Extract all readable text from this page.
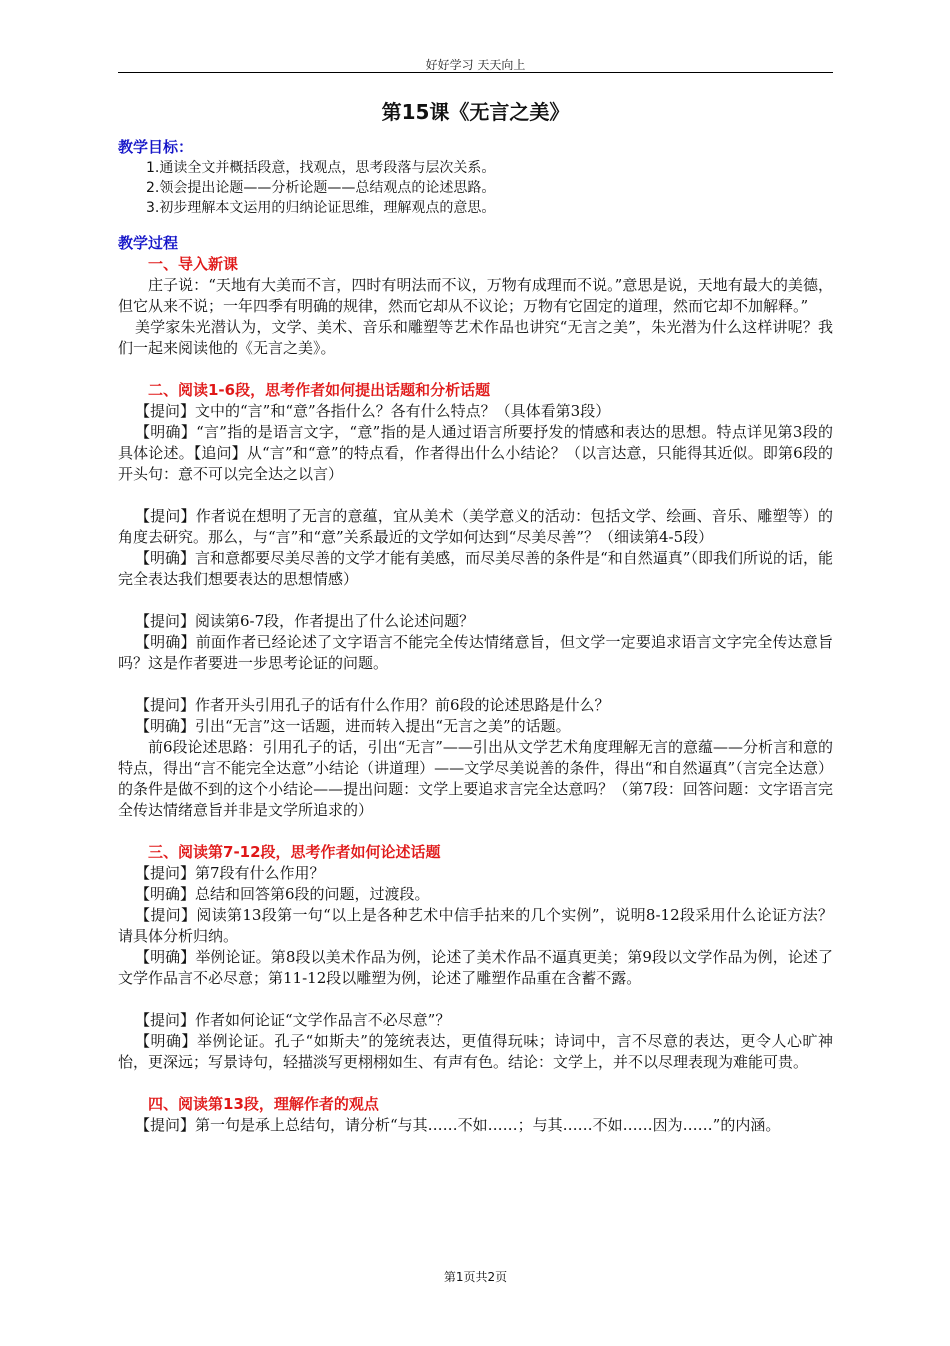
好好学习 天天向上
第15课《无言之美》
教学目标：
1.通读全文并概括段意，找观点，思考段落与层次关系。
2.领会提出论题——分析论题——总结观点的论述思路。
3.初步理解本文运用的归纳论证思维，理解观点的意思。
教学过程
一、导入新课
庄子说：“天地有大美而不言，四时有明法而不议，万物有成理而不说。”意思是说，天地有最大的美德，但它从来不说；一年四季有明确的规律，然而它却从不议论；万物有它固定的道理，然而它却不加解释。”
美学家朱光潜认为，文学、美术、音乐和雕塑等艺术作品也讲究“无言之美”，朱光潜为什么这样讲呢？我们一起来阅读他的《无言之美》。
二、阅读1-6段，思考作者如何提出话题和分析话题
【提问】文中的“言”和“意”各指什么？各有什么特点？（具体看第3段）
【明确】“言”指的是语言文字，“意”指的是人通过语言所要抒发的情感和表达的思想。特点详见第3段的具体论述。【追问】从“言”和“意”的特点看，作者得出什么小结论？（以言达意，只能得其近似。即第6段的开头句：意不可以完全达之以言）
【提问】作者说在想明了无言的意蕴，宜从美术（美学意义的活动：包括文学、绘画、音乐、雕塑等）的角度去研究。那么，与“言”和“意”关系最近的文学如何达到“尽美尽善”？（细读第4-5段）
【明确】言和意都要尽美尽善的文学才能有美感，而尽美尽善的条件是“和自然逼真”（即我们所说的话，能完全表达我们想要表达的思想情感）
【提问】阅读第6-7段，作者提出了什么论述问题？
【明确】前面作者已经论述了文字语言不能完全传达情绪意旨，但文学一定要追求语言文字完全传达意旨吗？这是作者要进一步思考论证的问题。
【提问】作者开头引用孔子的话有什么作用？前6段的论述思路是什么？
【明确】引出“无言”这一话题，进而转入提出“无言之美”的话题。
前6段论述思路：引用孔子的话，引出“无言”——引出从文学艺术角度理解无言的意蕴——分析言和意的特点，得出“言不能完全达意”小结论（讲道理）——文学尽美说善的条件，得出“和自然逼真”（言完全达意）的条件是做不到的这个小结论——提出问题：文学上要追求言完全达意吗？（第7段：回答问题：文字语言完全传达情绪意旨并非是文学所追求的）
三、阅读第7-12段，思考作者如何论述话题
【提问】第7段有什么作用？
【明确】总结和回答第6段的问题，过渡段。
【提问】阅读第13段第一句“以上是各种艺术中信手拈来的几个实例”，说明8-12段采用什么论证方法？请具体分析归纳。
【明确】举例论证。第8段以美术作品为例，论述了美术作品不逼真更美；第9段以文学作品为例，论述了文学作品言不必尽意；第11-12段以雕塑为例，论述了雕塑作品重在含蓄不露。
【提问】作者如何论证“文学作品言不必尽意”？
【明确】举例论证。孔子“如斯夫”的笼统表达，更值得玩味；诗词中，言不尽意的表达，更令人心旷神怡，更深远；写景诗句，轻描淡写更栩栩如生、有声有色。结论：文学上，并不以尽理表现为难能可贵。
四、阅读第13段，理解作者的观点
【提问】第一句是承上总结句，请分析“与其……不如……；与其……不如……因为……”的内涵。
第1页共2页
